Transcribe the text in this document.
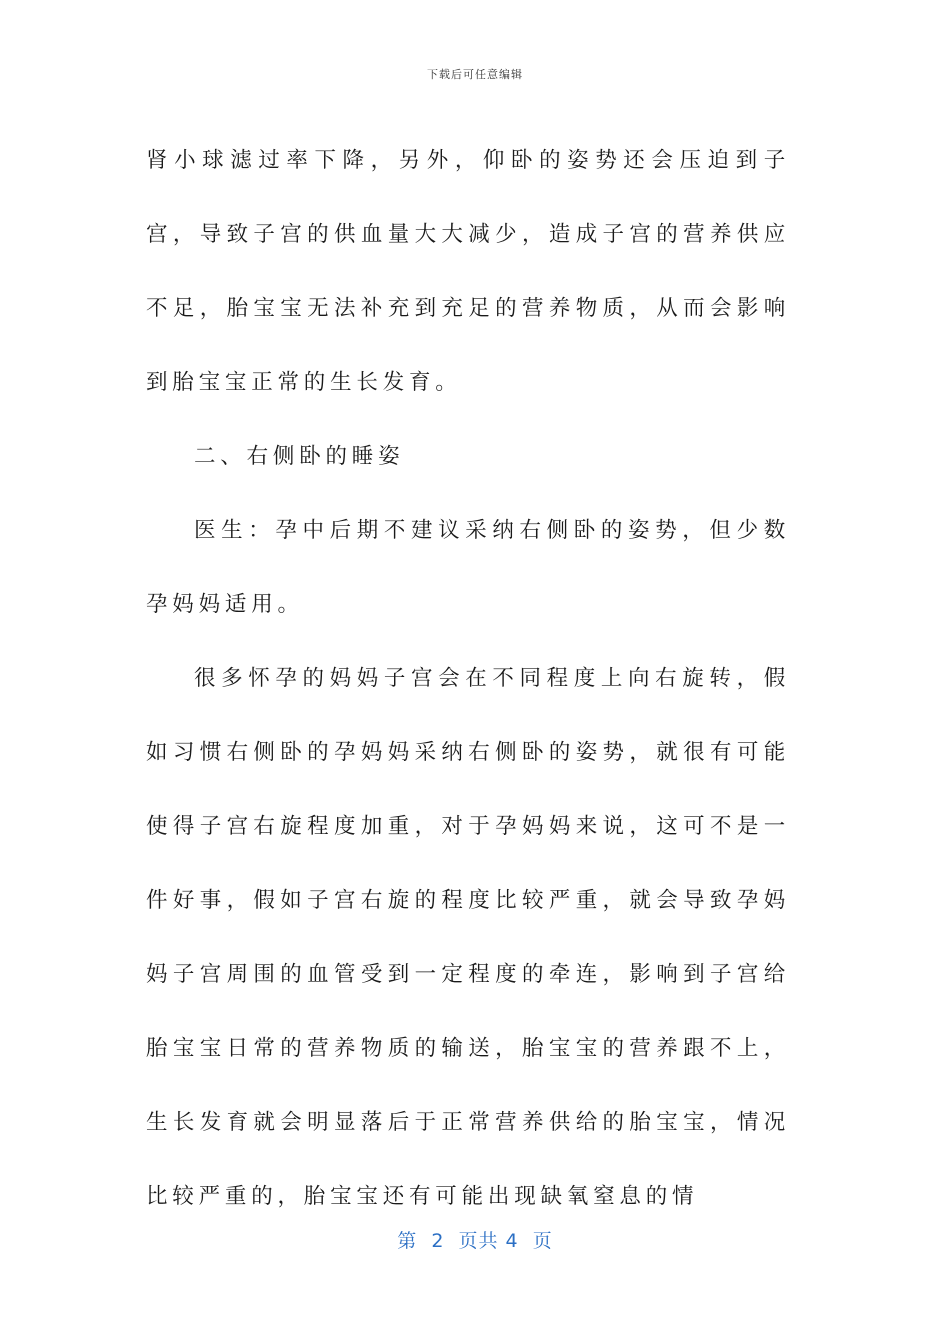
下载后可任意编辑

肾小球滤过率下降，另外，仰卧的姿势还会压迫到子宫，导致子宫的供血量大大减少，造成子宫的营养供应不足，胎宝宝无法补充到充足的营养物质，从而会影响到胎宝宝正常的生长发育。

二、右侧卧的睡姿

医生：孕中后期不建议采纳右侧卧的姿势，但少数孕妈妈适用。

很多怀孕的妈妈子宫会在不同程度上向右旋转，假如习惯右侧卧的孕妈妈采纳右侧卧的姿势，就很有可能使得子宫右旋程度加重，对于孕妈妈来说，这可不是一件好事，假如子宫右旋的程度比较严重，就会导致孕妈妈子宫周围的血管受到一定程度的牵连，影响到子宫给胎宝宝日常的营养物质的输送，胎宝宝的营养跟不上，生长发育就会明显落后于正常营养供给的胎宝宝，情况比较严重的，胎宝宝还有可能出现缺氧窒息的情

第  2  页共 4  页
